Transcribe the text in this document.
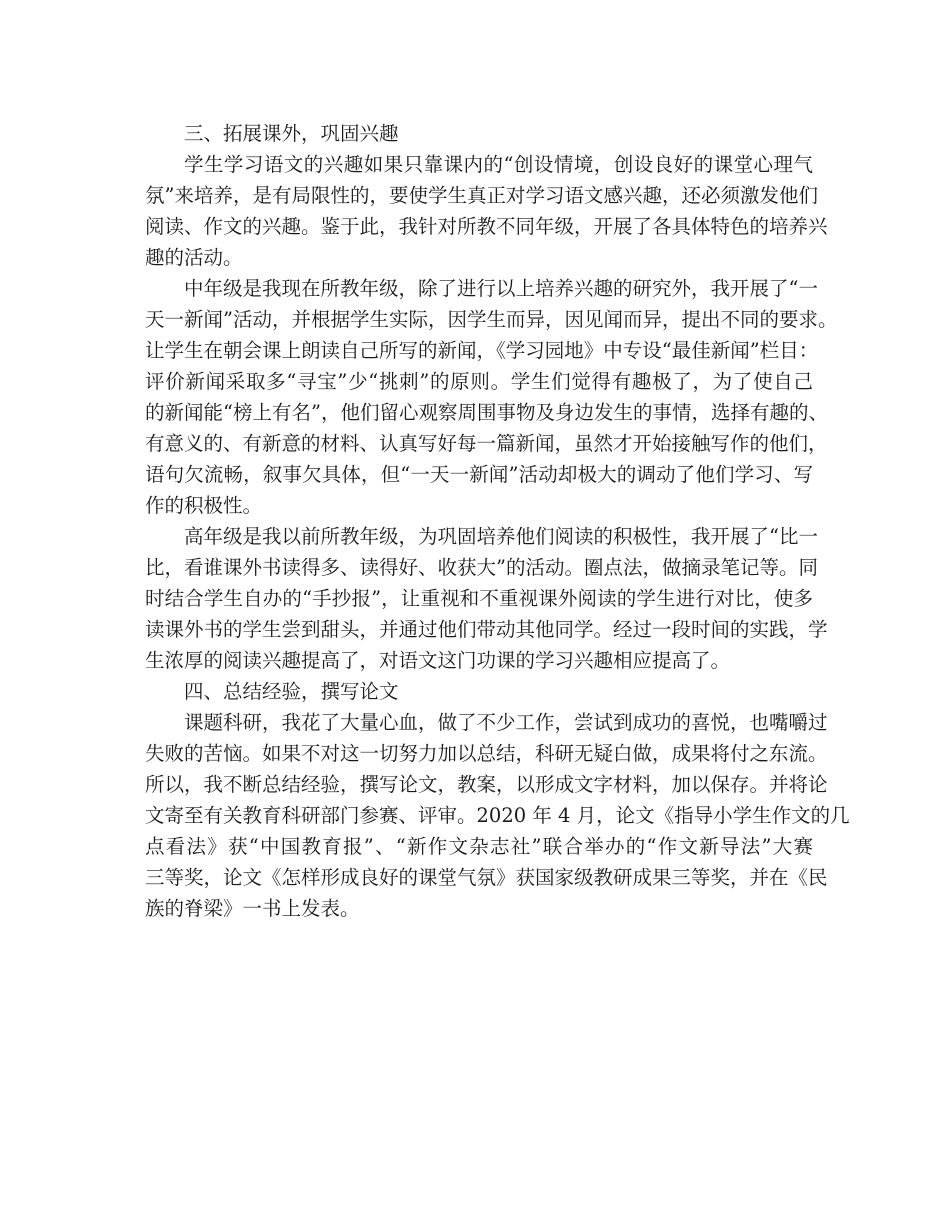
三、拓展课外，巩固兴趣
学生学习语文的兴趣如果只靠课内的“创设情境，创设良好的课堂心理气
氛”来培养，是有局限性的，要使学生真正对学习语文感兴趣，还必须激发他们
阅读、作文的兴趣。鉴于此，我针对所教不同年级，开展了各具体特色的培养兴
趣的活动。
中年级是我现在所教年级，除了进行以上培养兴趣的研究外，我开展了“一
天一新闻”活动，并根据学生实际，因学生而异，因见闻而异，提出不同的要求。
让学生在朝会课上朗读自己所写的新闻，《学习园地》中专设“最佳新闻”栏目：
评价新闻采取多“寻宝”少“挑刺”的原则。学生们觉得有趣极了，为了使自己
的新闻能“榜上有名”，他们留心观察周围事物及身边发生的事情，选择有趣的、
有意义的、有新意的材料、认真写好每一篇新闻，虽然才开始接触写作的他们，
语句欠流畅，叙事欠具体，但“一天一新闻”活动却极大的调动了他们学习、写
作的积极性。
高年级是我以前所教年级，为巩固培养他们阅读的积极性，我开展了“比一
比，看谁课外书读得多、读得好、收获大”的活动。圈点法，做摘录笔记等。同
时结合学生自办的“手抄报”，让重视和不重视课外阅读的学生进行对比，使多
读课外书的学生尝到甜头，并通过他们带动其他同学。经过一段时间的实践，学
生浓厚的阅读兴趣提高了，对语文这门功课的学习兴趣相应提高了。
四、总结经验，撰写论文
课题科研，我花了大量心血，做了不少工作，尝试到成功的喜悦，也嘴嚼过
失败的苦恼。如果不对这一切努力加以总结，科研无疑白做，成果将付之东流。
所以，我不断总结经验，撰写论文，教案，以形成文字材料，加以保存。并将论
文寄至有关教育科研部门参赛、评审。2020 年 4 月，论文《指导小学生作文的几
点看法》获“中国教育报”、“新作文杂志社”联合举办的“作文新导法”大赛
三等奖，论文《怎样形成良好的课堂气氛》获国家级教研成果三等奖，并在《民
族的脊梁》一书上发表。
